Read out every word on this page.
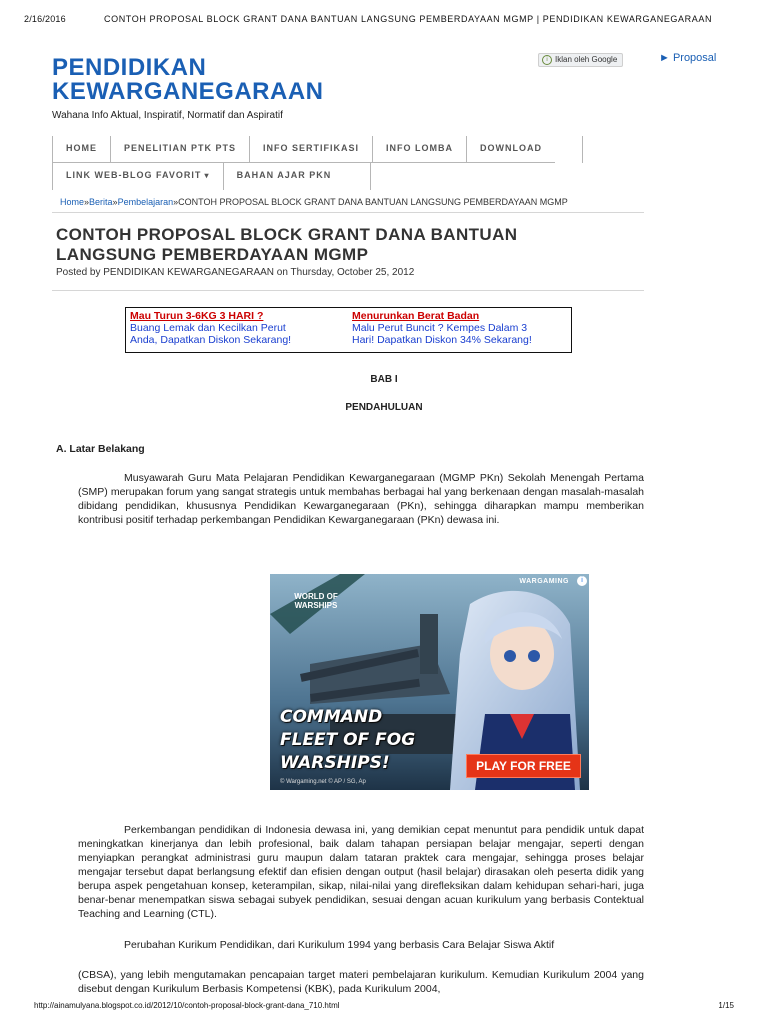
2/16/2016	CONTOH PROPOSAL BLOCK GRANT DANA BANTUAN LANGSUNG PEMBERDAYAAN MGMP | PENDIDIKAN KEWARGANEGARAAN
PENDIDIKAN
KEWARGANEGARAAN
Wahana Info Aktual, Inspiratif, Normatif dan Aspiratif
i Iklan oleh Google	► Proposal
HOME	PENELITIAN PTK PTS	INFO SERTIFIKASI	INFO LOMBA	DOWNLOAD
LINK WEB-BLOG FAVORIT ▾	BAHAN AJAR PKN
Home»Berita»Pembelajaran»CONTOH PROPOSAL BLOCK GRANT DANA BANTUAN LANGSUNG PEMBERDAYAAN MGMP
CONTOH PROPOSAL BLOCK GRANT DANA BANTUAN
LANGSUNG PEMBERDAYAAN MGMP
Posted by PENDIDIKAN KEWARGANEGARAAN on Thursday, October 25, 2012
Mau Turun 3-6KG 3 HARI ?
Buang Lemak dan Kecilkan Perut
Anda, Dapatkan Diskon Sekarang!
Menurunkan Berat Badan
Malu Perut Buncit ? Kempes Dalam 3
Hari! Dapatkan Diskon 34% Sekarang!
BAB I
PENDAHULUAN
A. Latar Belakang
Musyawarah Guru Mata Pelajaran Pendidikan Kewarganegaraan (MGMP PKn) Sekolah Menengah Pertama (SMP) merupakan forum yang sangat strategis untuk membahas berbagai hal yang berkenaan dengan masalah-masalah dibidang pendidikan, khususnya Pendidikan Kewarganegaraan (PKn), sehingga diharapkan mampu memberikan kontribusi positif terhadap perkembangan Pendidikan Kewarganegaraan (PKn) dewasa ini.
WORLD OF WARSHIPS
WARGAMING	i
COMMAND
FLEET OF FOG
WARSHIPS!	PLAY FOR FREE
© Wargaming.net © AP / SG, Ap
Perkembangan pendidikan di Indonesia dewasa ini, yang demikian cepat menuntut para pendidik untuk dapat meningkatkan kinerjanya dan lebih profesional, baik dalam tahapan persiapan belajar mengajar, seperti dengan menyiapkan perangkat administrasi guru maupun dalam tataran praktek cara mengajar, sehingga proses belajar mengajar tersebut dapat berlangsung efektif dan efisien dengan output (hasil belajar) dirasakan oleh peserta didik yang berupa aspek pengetahuan konsep, keterampilan, sikap, nilai-nilai yang direfleksikan dalam kehidupan sehari-hari, juga benar-benar menempatkan siswa sebagai subyek pendidikan, sesuai dengan acuan kurikulum yang berbasis Contektual Teaching and Learning (CTL).
Perubahan Kurikum Pendidikan, dari Kurikulum 1994 yang berbasis Cara Belajar Siswa Aktif
(CBSA), yang lebih mengutamakan pencapaian target materi pembelajaran kurikulum. Kemudian Kurikulum 2004 yang disebut dengan Kurikulum Berbasis Kompetensi (KBK), pada Kurikulum 2004,
http://ainamulyana.blogspot.co.id/2012/10/contoh-proposal-block-grant-dana_710.html	1/15
